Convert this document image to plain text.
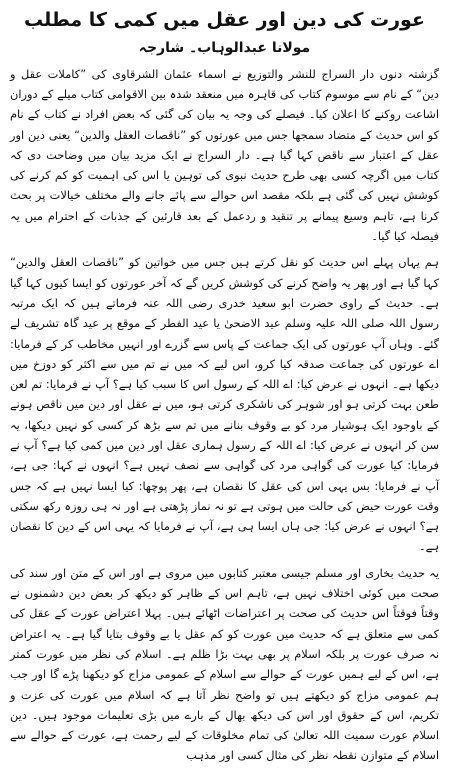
عورت کی دین اور عقل میں کمی کا مطلب
مولانا عبدالوہاب۔ شارجہ

گزشتہ دنوں دار السراج للنشر والتوزیع نے اسماء عثمان الشرقاوی کی ”کاملات عقل و دین“ کے نام سے موسوم کتاب کی قاہرہ میں منعقد شدہ بین الاقوامی کتاب میلے کے دوران اشاعت روکنے کا اعلان کیا۔ فیصلے کی وجہ یہ بیان کی گئی کہ بعض افراد نے کتاب کے نام کو اس حدیث کے متضاد سمجھا جس میں عورتوں کو ”ناقصات العقل والدین“ یعنی دین اور عقل کے اعتبار سے ناقص کہا گیا ہے۔ دار السراج نے ایک مزید بیان میں وضاحت دی کہ کتاب میں اگرچہ کسی بھی طرح حدیث نبوی کی توہین یا اس کی اہمیت کو کم کرنے کی کوشش نہیں کی گئی ہے بلکہ مقصد اس حوالے سے پائے جانے والے مختلف خیالات پر بحث کرنا ہے، تاہم وسیع پیمانے پر تنقید و ردعمل کے بعد قارئین کے جذبات کے احترام میں یہ فیصلہ کیا گیا۔

ہم یہاں پہلے اس حدیث کو نقل کرتے ہیں جس میں خواتین کو ”ناقصات العقل والدین“ کہا گیا ہے اور پھر یہ واضح کرنے کی کوشش کریں گے کہ آخر عورتوں کو ایسا کیوں کہا گیا ہے۔ حدیث کے راوی حضرت ابو سعید خدری رضی اللہ عنہ فرماتے ہیں کہ ایک مرتبہ رسول اللہ صلی اللہ علیہ وسلم عید الاضحیٰ یا عید الفطر کے موقع پر عید گاہ تشریف لے گئے۔ وہاں آپ عورتوں کی ایک جماعت کے پاس سے گزرے اور انہیں مخاطب کر کے فرمایا: اے عورتوں کی جماعت صدقہ کیا کرو، اس لیے کہ میں نے تم میں سے اکثر کو دوزخ میں دیکھا ہے۔ انہوں نے عرض کیا: اے اللہ کے رسول اس کا سبب کیا ہے؟ آپ نے فرمایا: تم لعن طعن بہت کرتی ہو اور شوہر کی ناشکری کرتی ہو، میں نے عقل اور دین میں ناقص ہونے کے باوجود ایک ہوشیار مرد کو بے وقوف بنانے میں تم سے بڑھ کر کسی کو نہیں دیکھا، یہ سن کر انہوں نے عرض کیا: اے اللہ کے رسول ہماری عقل اور دین میں کمی کیا ہے؟ آپ نے فرمایا: کیا عورت کی گواہی مرد کی گواہی سے نصف نہیں ہے؟ انہوں نے کہا: جی ہے، آپ نے فرمایا: بس یہی اس کی عقل کا نقصان ہے، پھر پوچھا: کیا ایسا نہیں ہے کہ جس وقت عورت حیض کی حالت میں ہوتی ہے تو نہ نماز پڑھتی ہے اور نہ ہی روزہ رکھ سکتی ہے؟ انہوں نے عرض کیا: جی ہاں ایسا ہی ہے، آپ نے فرمایا کہ یہی اس کے دین کا نقصان ہے۔

یہ حدیث بخاری اور مسلم جیسی معتبر کتابوں میں مروی ہے اور اس کے متن اور سند کی صحت میں کوئی اختلاف نہیں ہے، تاہم اس کے ظاہر کو دیکھ کر بعض دین دشمنوں نے وقتاً فوقتاً اس حدیث کی صحت پر اعتراضات اٹھائے ہیں۔ پہلا اعتراض عورت کے عقل کی کمی سے متعلق ہے کہ حدیث میں عورت کو کم عقل یا بے وقوف بتایا گیا ہے۔ یہ اعتراض نہ صرف عورت پر بلکہ اسلام پر بھی بہت بڑا ظلم ہے۔ اسلام کی نظر میں عورت کمتر ہے، اس کے لیے ہمیں عورت کے حوالے سے اسلام کے عمومی مزاج کو دیکھنا پڑے گا اور جب ہم عمومی مزاج کو دیکھتے ہیں تو واضح نظر آتا ہے کہ اسلام میں عورت کی عزت و تکریم، اس کے حقوق اور اس کی دیکھ بھال کے بارے میں بڑی تعلیمات موجود ہیں۔ دین اسلام عورت سمیت اللہ تعالیٰ کی تمام مخلوقات کے لیے رحمت ہے، عورت کے حوالے سے اسلام کے متوازن نقطہ نظر کی مثال کسی اور مذہب
